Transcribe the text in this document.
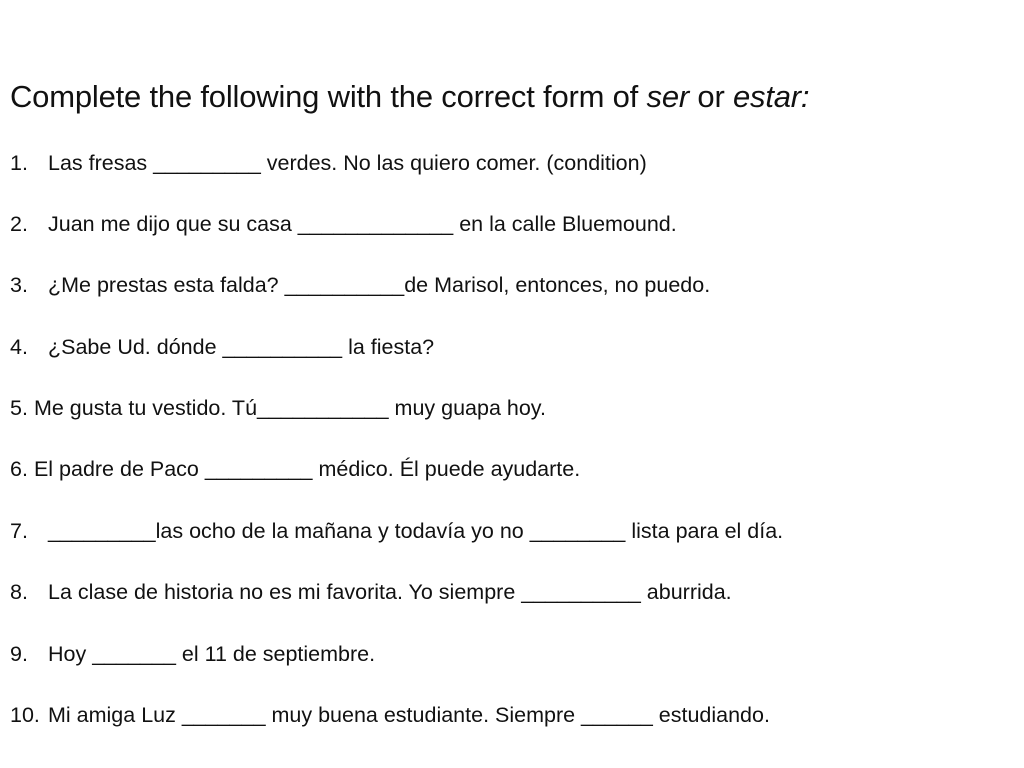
Complete the following with the correct form of ser or estar:
1. Las fresas _________ verdes. No las quiero comer. (condition)
2. Juan me dijo que su casa _____________ en la calle Bluemound.
3. ¿Me prestas esta falda? __________de Marisol, entonces, no puedo.
4. ¿Sabe Ud. dónde __________ la fiesta?
5. Me gusta tu vestido. Tú___________ muy guapa hoy.
6. El padre de Paco _________ médico. Él puede ayudarte.
7. _________las ocho de la mañana y todavía yo no ________ lista para el día.
8. La clase de historia no es mi favorita. Yo siempre __________ aburrida.
9. Hoy _______ el 11 de septiembre.
10. Mi amiga Luz _______ muy buena estudiante. Siempre ______ estudiando.
